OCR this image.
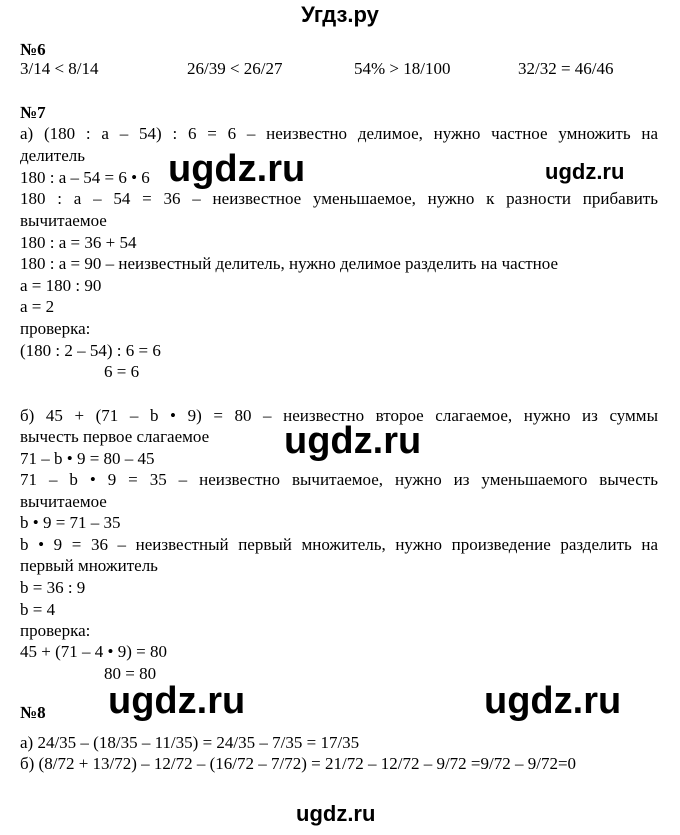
Угдз.ру
№6
3/14 < 8/14	26/39 < 26/27	54% > 18/100	32/32 = 46/46
№7
а) (180 : а – 54) : 6 = 6 – неизвестно делимое, нужно частное умножить на
делитель
180 : а – 54 = 6 • 6
180 : а – 54 = 36 – неизвестное уменьшаемое, нужно к разности прибавить
вычитаемое
180 : а = 36 + 54
180 : а = 90 – неизвестный делитель, нужно делимое разделить на частное
а = 180 : 90
а = 2
проверка:
(180 : 2 – 54) : 6 = 6
6 = 6
б) 45 + (71 – b • 9) = 80 – неизвестно второе слагаемое, нужно из суммы
вычесть первое слагаемое
71 – b • 9 = 80 – 45
71 – b • 9 = 35 – неизвестно вычитаемое, нужно из уменьшаемого вычесть
вычитаемое
b • 9 = 71 – 35
b • 9 = 36 – неизвестный первый множитель, нужно произведение разделить на
первый множитель
b = 36 : 9
b = 4
проверка:
45 + (71 – 4 • 9) = 80
80 = 80
№8
а) 24/35 – (18/35 – 11/35) = 24/35 – 7/35 = 17/35
б) (8/72 + 13/72) – 12/72 – (16/72 – 7/72) = 21/72 – 12/72 – 9/72 =9/72 – 9/72=0
ugdz.ru	ugdz.ru
ugdz.ru
ugdz.ru	ugdz.ru
ugdz.ru
